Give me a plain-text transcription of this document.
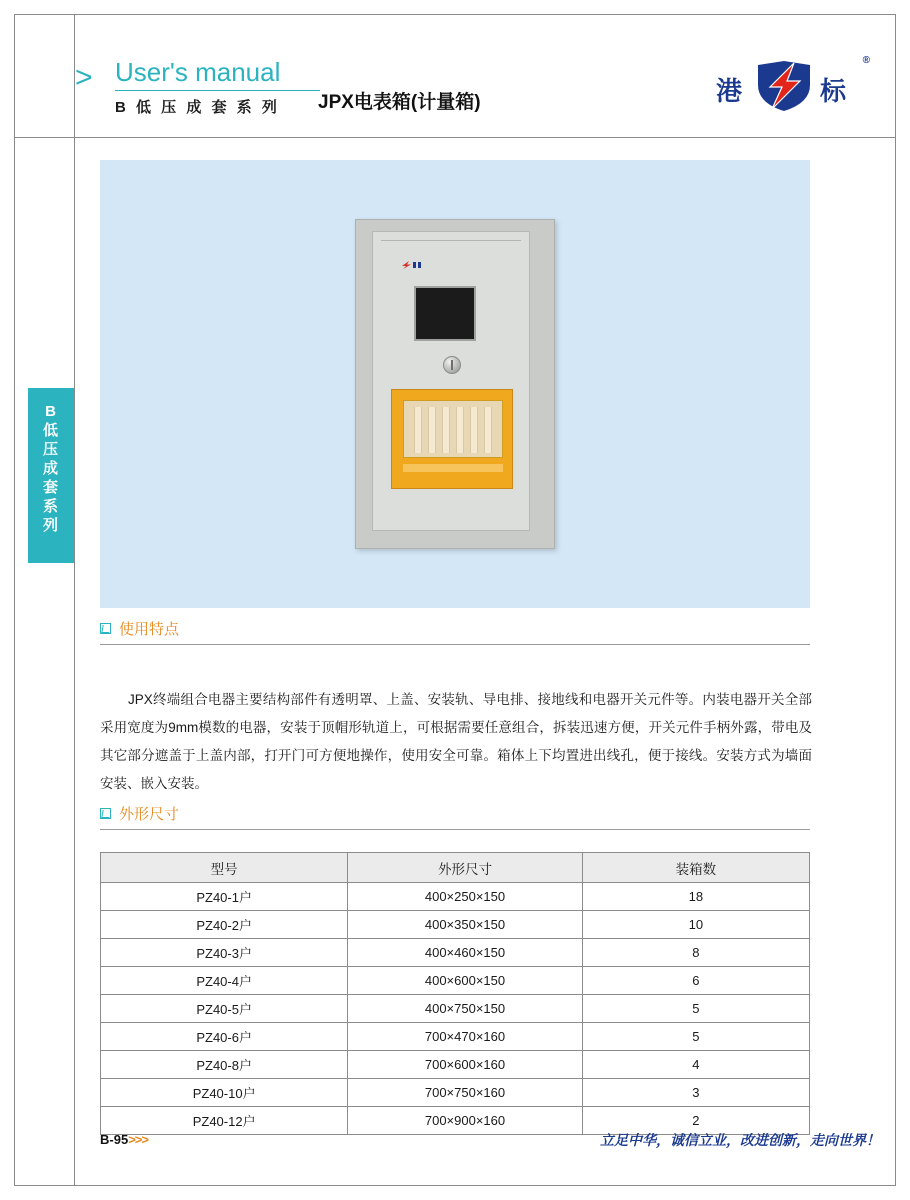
> User's manual
B 低 压 成 套 系 列	JPX电表箱(计量箱)	港	标
®
B
低
压
成
套
系
列
使用特点
JPX终端组合电器主要结构部件有透明罩、上盖、安装轨、导电排、接地线和电器开关元件等。内装电器开关全部采用宽度为9mm模数的电器，安装于顶帽形轨道上，可根据需要任意组合，拆装迅速方便，开关元件手柄外露，带电及其它部分遮盖于上盖内部，打开门可方便地操作，使用安全可靠。箱体上下均置进出线孔，便于接线。安装方式为墙面安装、嵌入安装。
外形尺寸
型号	外形尺寸	装箱数
PZ40-1户	400×250×150	18
PZ40-2户	400×350×150	10
PZ40-3户	400×460×150	8
PZ40-4户	400×600×150	6
PZ40-5户	400×750×150	5
PZ40-6户	700×470×160	5
PZ40-8户	700×600×160	4
PZ40-10户	700×750×160	3
PZ40-12户	700×900×160	2
B-95>>>	立足中华，诚信立业，改进创新，走向世界！
